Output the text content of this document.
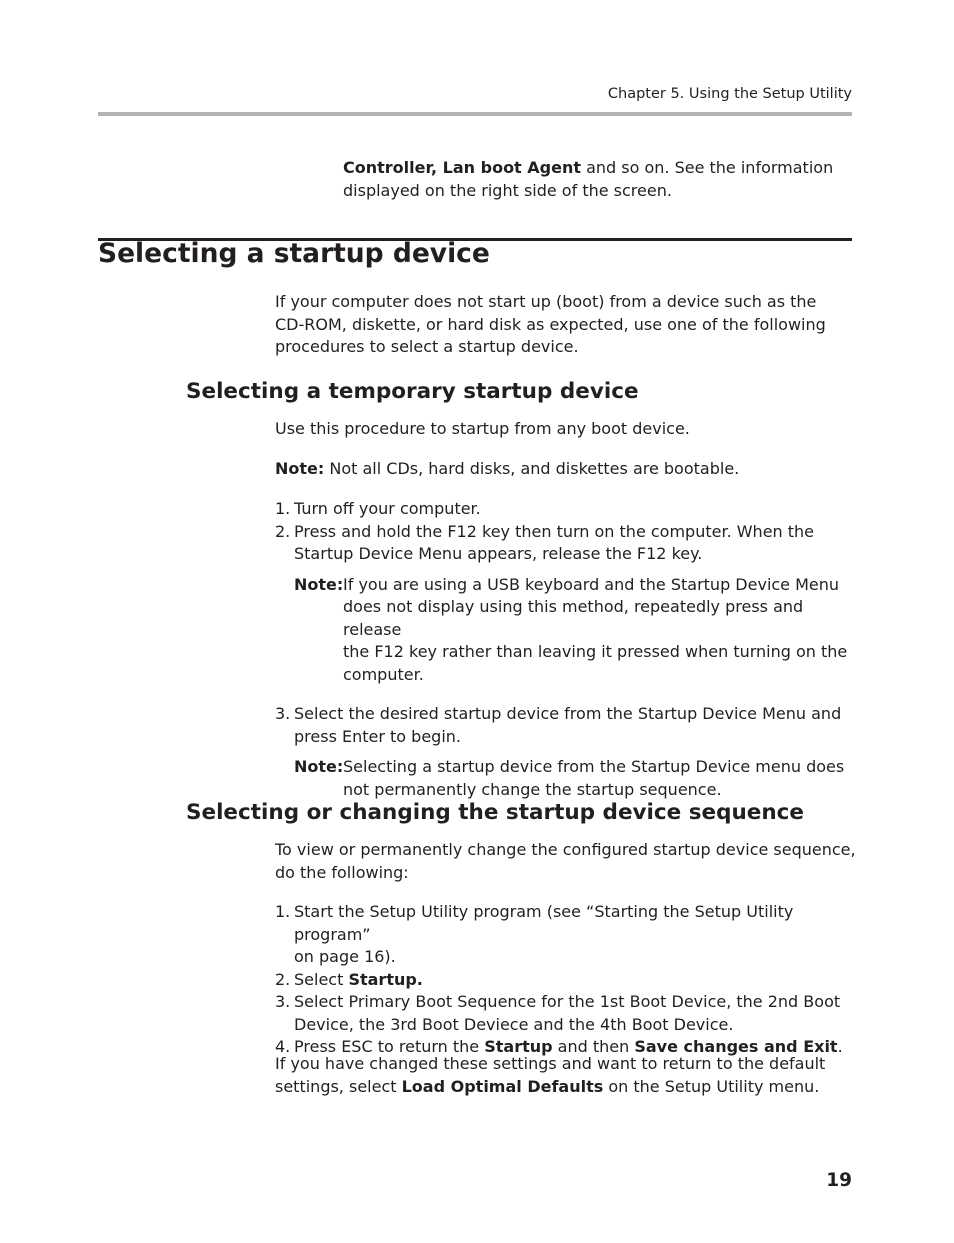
Chapter 5. Using the Setup Utility
Controller, Lan boot Agent and so on. See the information
displayed on the right side of the screen.
Selecting a startup device
If your computer does not start up (boot) from a device such as the
CD-ROM, diskette, or hard disk as expected, use one of the following
procedures to select a startup device.
Selecting a temporary startup device
Use this procedure to startup from any boot device.
Note: Not all CDs, hard disks, and diskettes are bootable.
1. Turn off your computer.
2. Press and hold the F12 key then turn on the computer. When the
Startup Device Menu appears, release the F12 key.
Note: If you are using a USB keyboard and the Startup Device Menu
does not display using this method, repeatedly press and release
the F12 key rather than leaving it pressed when turning on the
computer.
3. Select the desired startup device from the Startup Device Menu and
press Enter to begin.
Note: Selecting a startup device from the Startup Device menu does
not permanently change the startup sequence.
Selecting or changing the startup device sequence
To view or permanently change the configured startup device sequence,
do the following:
1. Start the Setup Utility program (see “Starting the Setup Utility program”
on page 16).
2. Select Startup.
3. Select Primary Boot Sequence for the 1st Boot Device, the 2nd Boot
Device, the 3rd Boot Deviece and the 4th Boot Device.
4. Press ESC to return the Startup and then Save changes and Exit.
If you have changed these settings and want to return to the default
settings, select Load Optimal Defaults on the Setup Utility menu.
19
